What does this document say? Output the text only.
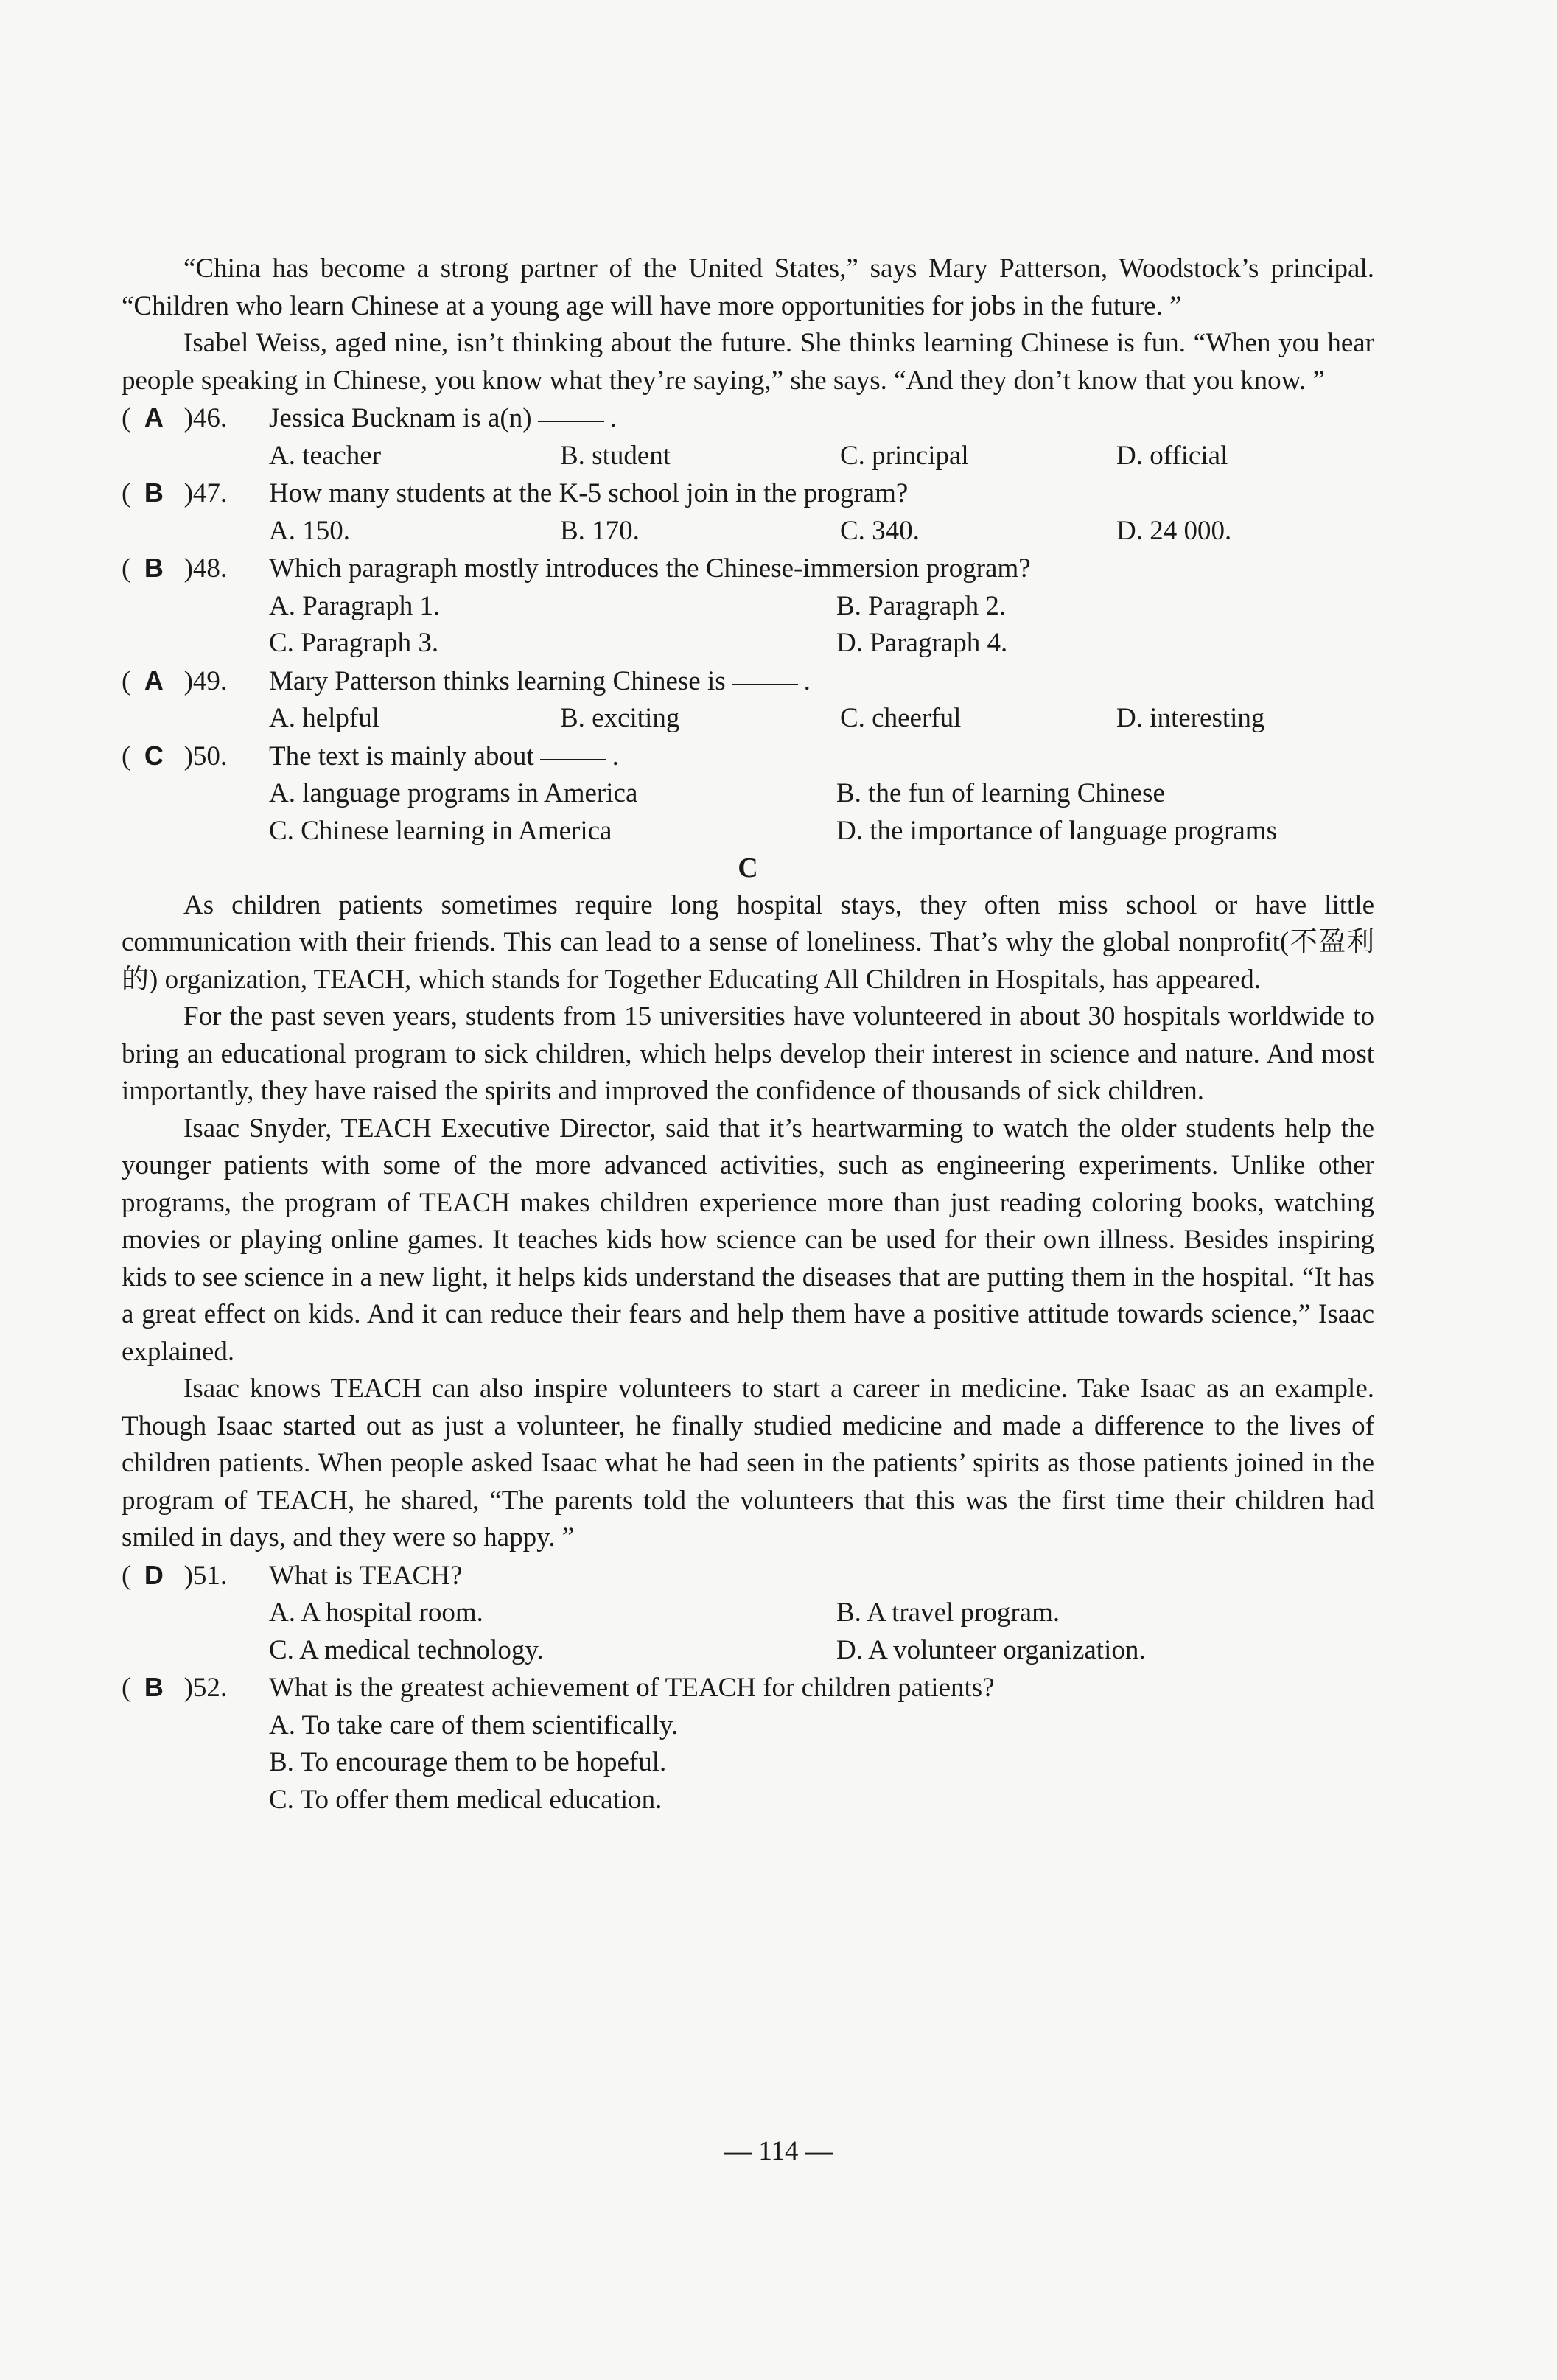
“China has become a strong partner of the United States,” says Mary Patterson, Woodstock’s principal. “Children who learn Chinese at a young age will have more opportunities for jobs in the future. ”

Isabel Weiss, aged nine, isn’t thinking about the future. She thinks learning Chinese is fun. “When you hear people speaking in Chinese, you know what they’re saying,” she says. “And they don’t know that you know. ”

(  A )46.	Jessica Bucknam is a(n)	.
A. teacher	B. student	C. principal	D. official
(  B )47.	How many students at the K-5 school join in the program?
A. 150.	B. 170.	C. 340.	D. 24 000.
(  B )48.	Which paragraph mostly introduces the Chinese-immersion program?
A. Paragraph 1.	B. Paragraph 2.
C. Paragraph 3.	D. Paragraph 4.
(  A )49.	Mary Patterson thinks learning Chinese is	.
A. helpful	B. exciting	C. cheerful	D. interesting
(  C )50.	The text is mainly about	.
A. language programs in America	B. the fun of learning Chinese
C. Chinese learning in America	D. the importance of language programs

C

As children patients sometimes require long hospital stays, they often miss school or have little communication with their friends. This can lead to a sense of loneliness. That’s why the global nonprofit(不盈利的) organization, TEACH, which stands for Together Educating All Children in Hospitals, has appeared.

For the past seven years, students from 15 universities have volunteered in about 30 hospitals worldwide to bring an educational program to sick children, which helps develop their interest in science and nature. And most importantly, they have raised the spirits and improved the confidence of thousands of sick children.

Isaac Snyder, TEACH Executive Director, said that it’s heartwarming to watch the older students help the younger patients with some of the more advanced activities, such as engineering experiments. Unlike other programs, the program of TEACH makes children experience more than just reading coloring books, watching movies or playing online games. It teaches kids how science can be used for their own illness. Besides inspiring kids to see science in a new light, it helps kids understand the diseases that are putting them in the hospital. “It has a great effect on kids. And it can reduce their fears and help them have a positive attitude towards science,” Isaac explained.

Isaac knows TEACH can also inspire volunteers to start a career in medicine. Take Isaac as an example. Though Isaac started out as just a volunteer, he finally studied medicine and made a difference to the lives of children patients. When people asked Isaac what he had seen in the patients’ spirits as those patients joined in the program of TEACH, he shared, “The parents told the volunteers that this was the first time their children had smiled in days, and they were so happy. ”

(  D )51.	What is TEACH?
A. A hospital room.	B. A travel program.
C. A medical technology.	D. A volunteer organization.
(  B )52.	What is the greatest achievement of TEACH for children patients?
A. To take care of them scientifically.
B. To encourage them to be hopeful.
C. To offer them medical education.
— 114 —
